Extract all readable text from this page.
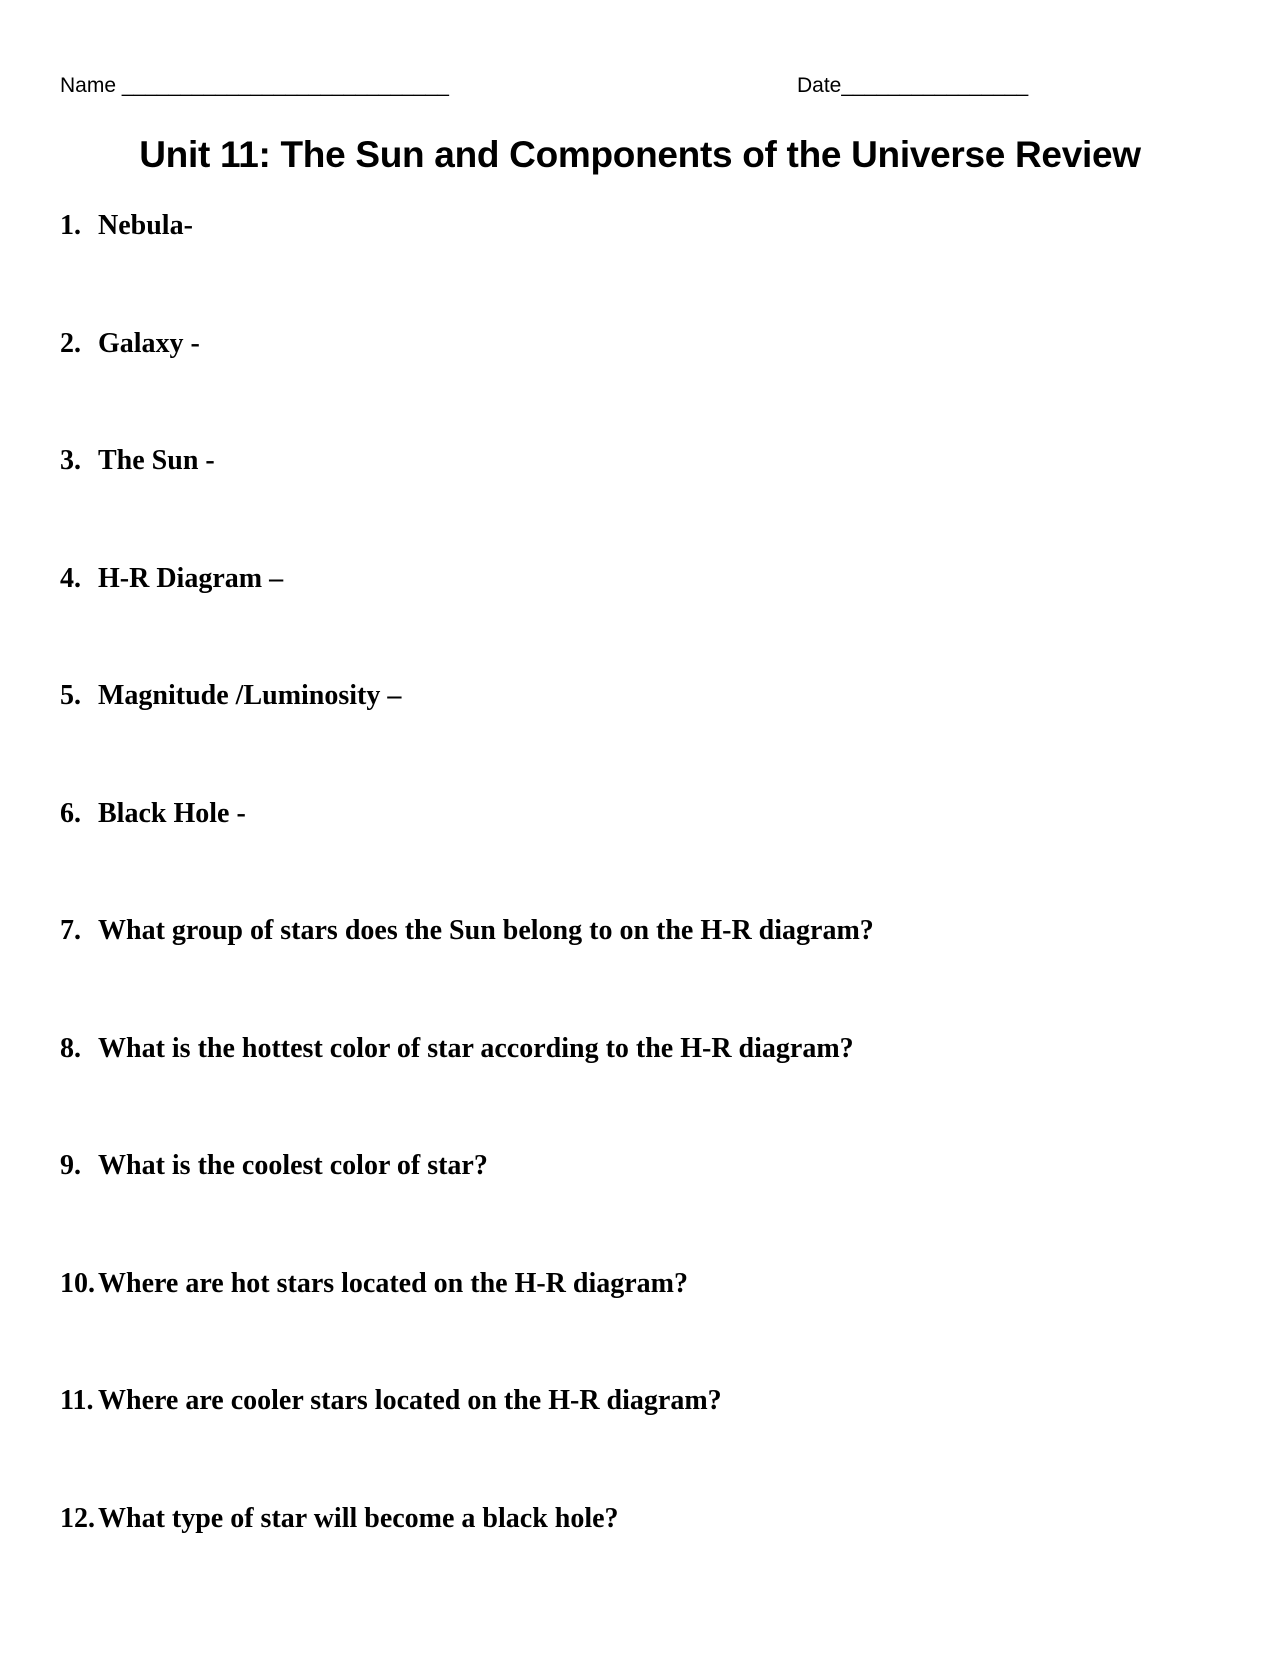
Name ____________________________	Date________________
Unit 11: The Sun and Components of the Universe Review
1. Nebula-
2. Galaxy -
3. The Sun -
4. H-R Diagram –
5. Magnitude /Luminosity –
6. Black Hole -
7. What group of stars does the Sun belong to on the H-R diagram?
8. What is the hottest color of star according to the H-R diagram?
9. What is the coolest color of star?
10. Where are hot stars located on the H-R diagram?
11. Where are cooler stars located on the H-R diagram?
12. What type of star will become a black hole?
